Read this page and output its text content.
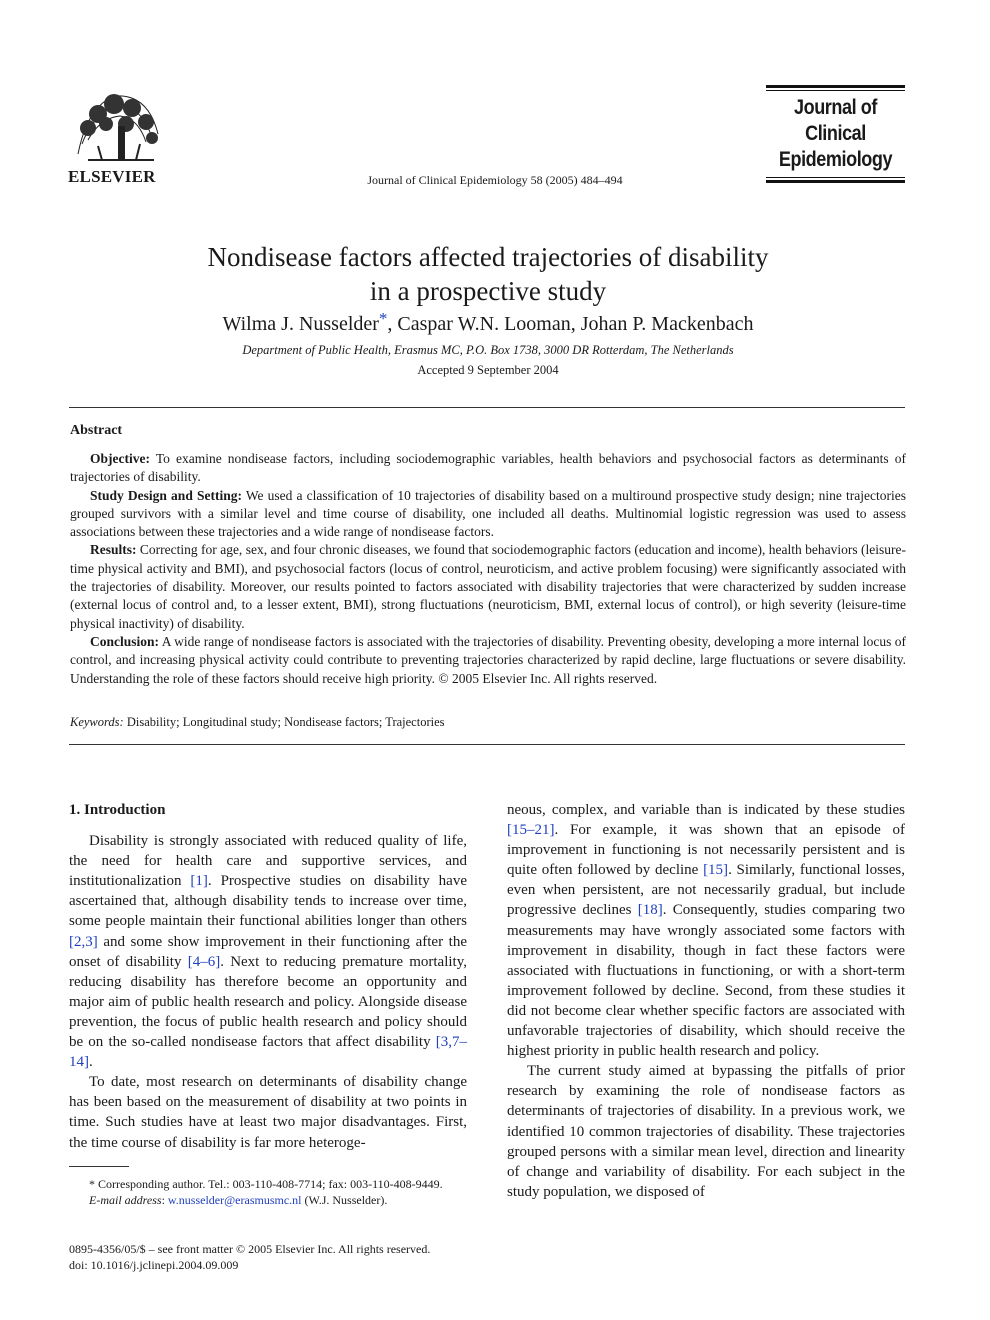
ELSEVIER	Journal of Clinical Epidemiology 58 (2005) 484–494
Journal of
Clinical
Epidemiology
Nondisease factors affected trajectories of disability
in a prospective study
Wilma J. Nusselder*, Caspar W.N. Looman, Johan P. Mackenbach
Department of Public Health, Erasmus MC, P.O. Box 1738, 3000 DR Rotterdam, The Netherlands
Accepted 9 September 2004
Abstract

Objective: To examine nondisease factors, including sociodemographic variables, health behaviors and psychosocial factors as determinants of trajectories of disability.

Study Design and Setting: We used a classification of 10 trajectories of disability based on a multiround prospective study design; nine trajectories grouped survivors with a similar level and time course of disability, one included all deaths. Multinomial logistic regression was used to assess associations between these trajectories and a wide range of nondisease factors.

Results: Correcting for age, sex, and four chronic diseases, we found that sociodemographic factors (education and income), health behaviors (leisure-time physical activity and BMI), and psychosocial factors (locus of control, neuroticism, and active problem focusing) were significantly associated with the trajectories of disability. Moreover, our results pointed to factors associated with disability trajectories that were characterized by sudden increase (external locus of control and, to a lesser extent, BMI), strong fluctuations (neuroticism, BMI, external locus of control), or high severity (leisure-time physical inactivity) of disability.

Conclusion: A wide range of nondisease factors is associated with the trajectories of disability. Preventing obesity, developing a more internal locus of control, and increasing physical activity could contribute to preventing trajectories characterized by rapid decline, large fluctuations or severe disability. Understanding the role of these factors should receive high priority. © 2005 Elsevier Inc. All rights reserved.

Keywords: Disability; Longitudinal study; Nondisease factors; Trajectories

1. Introduction

Disability is strongly associated with reduced quality of life, the need for health care and supportive services, and institutionalization [1]. Prospective studies on disability have ascertained that, although disability tends to increase over time, some people maintain their functional abilities longer than others [2,3] and some show improvement in their functioning after the onset of disability [4–6]. Next to reducing premature mortality, reducing disability has therefore become an opportunity and major aim of public health research and policy. Alongside disease prevention, the focus of public health research and policy should be on the so-called nondisease factors that affect disability [3,7–14].

To date, most research on determinants of disability change has been based on the measurement of disability at two points in time. Such studies have at least two major disadvantages. First, the time course of disability is far more heteroge-

neous, complex, and variable than is indicated by these studies [15–21]. For example, it was shown that an episode of improvement in functioning is not necessarily persistent and is quite often followed by decline [15]. Similarly, functional losses, even when persistent, are not necessarily gradual, but include progressive declines [18]. Consequently, studies comparing two measurements may have wrongly associated some factors with improvement in disability, though in fact these factors were associated with fluctuations in functioning, or with a short-term improvement followed by decline. Second, from these studies it did not become clear whether specific factors are associated with unfavorable trajectories of disability, which should receive the highest priority in public health research and policy.

The current study aimed at bypassing the pitfalls of prior research by examining the role of nondisease factors as determinants of trajectories of disability. In a previous work, we identified 10 common trajectories of disability. These trajectories grouped persons with a similar mean level, direction and linearity of change and variability of disability. For each subject in the study population, we disposed of

* Corresponding author. Tel.: 003-110-408-7714; fax: 003-110-408-9449.

E-mail address: w.nusselder@erasmusmc.nl (W.J. Nusselder).

0895-4356/05/$ – see front matter © 2005 Elsevier Inc. All rights reserved.
doi: 10.1016/j.jclinepi.2004.09.009
